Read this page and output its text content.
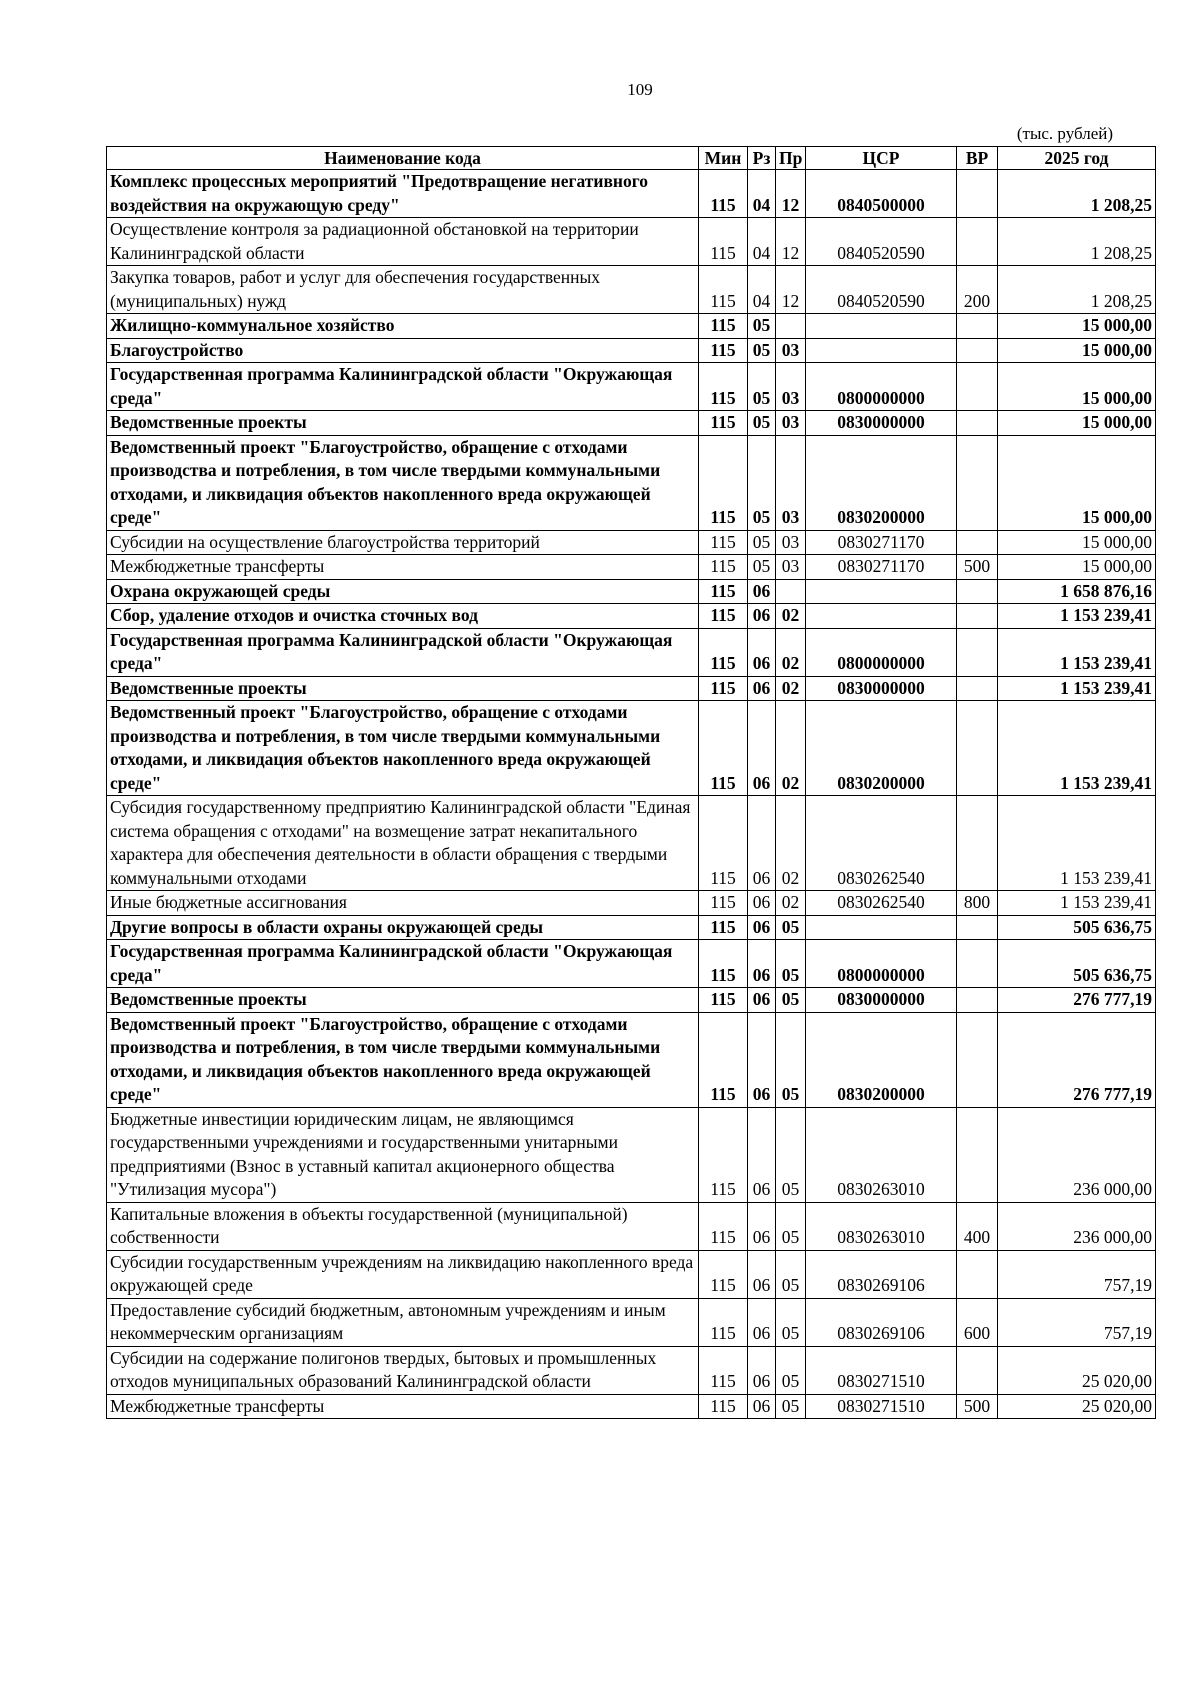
109
(тыс. рублей)
Наименование кода	Мин	Рз	Пр	ЦСР	ВР	2025 год
Комплекс процессных мероприятий "Предотвращение негативного воздействия на окружающую среду"	115	04	12	0840500000		1 208,25
Осуществление контроля за радиационной обстановкой на территории Калининградской области	115	04	12	0840520590		1 208,25
Закупка товаров, работ и услуг для обеспечения государственных (муниципальных) нужд	115	04	12	0840520590	200	1 208,25
Жилищно-коммунальное хозяйство	115	05				15 000,00
Благоустройство	115	05	03			15 000,00
Государственная программа Калининградской области "Окружающая среда"	115	05	03	0800000000		15 000,00
Ведомственные проекты	115	05	03	0830000000		15 000,00
Ведомственный проект "Благоустройство, обращение с отходами производства и потребления, в том числе твердыми коммунальными отходами, и ликвидация объектов накопленного вреда окружающей среде"	115	05	03	0830200000		15 000,00
Субсидии на осуществление благоустройства территорий	115	05	03	0830271170		15 000,00
Межбюджетные трансферты	115	05	03	0830271170	500	15 000,00
Охрана окружающей среды	115	06				1 658 876,16
Сбор, удаление отходов и очистка сточных вод	115	06	02			1 153 239,41
Государственная программа Калининградской области "Окружающая среда"	115	06	02	0800000000		1 153 239,41
Ведомственные проекты	115	06	02	0830000000		1 153 239,41
Ведомственный проект "Благоустройство, обращение с отходами производства и потребления, в том числе твердыми коммунальными отходами, и ликвидация объектов накопленного вреда окружающей среде"	115	06	02	0830200000		1 153 239,41
Субсидия государственному предприятию Калининградской области "Единая система обращения с отходами" на возмещение затрат некапитального характера для обеспечения деятельности в области обращения с твердыми коммунальными отходами	115	06	02	0830262540		1 153 239,41
Иные бюджетные ассигнования	115	06	02	0830262540	800	1 153 239,41
Другие вопросы в области охраны окружающей среды	115	06	05			505 636,75
Государственная программа Калининградской области "Окружающая среда"	115	06	05	0800000000		505 636,75
Ведомственные проекты	115	06	05	0830000000		276 777,19
Ведомственный проект "Благоустройство, обращение с отходами производства и потребления, в том числе твердыми коммунальными отходами, и ликвидация объектов накопленного вреда окружающей среде"	115	06	05	0830200000		276 777,19
Бюджетные инвестиции юридическим лицам, не являющимся государственными учреждениями и государственными унитарными предприятиями (Взнос в уставный капитал акционерного общества "Утилизация мусора")	115	06	05	0830263010		236 000,00
Капитальные вложения в объекты государственной (муниципальной) собственности	115	06	05	0830263010	400	236 000,00
Субсидии государственным учреждениям на ликвидацию накопленного вреда окружающей среде	115	06	05	0830269106		757,19
Предоставление субсидий бюджетным, автономным учреждениям и иным некоммерческим организациям	115	06	05	0830269106	600	757,19
Субсидии на содержание полигонов твердых, бытовых и промышленных отходов муниципальных образований Калининградской области	115	06	05	0830271510		25 020,00
Межбюджетные трансферты	115	06	05	0830271510	500	25 020,00
